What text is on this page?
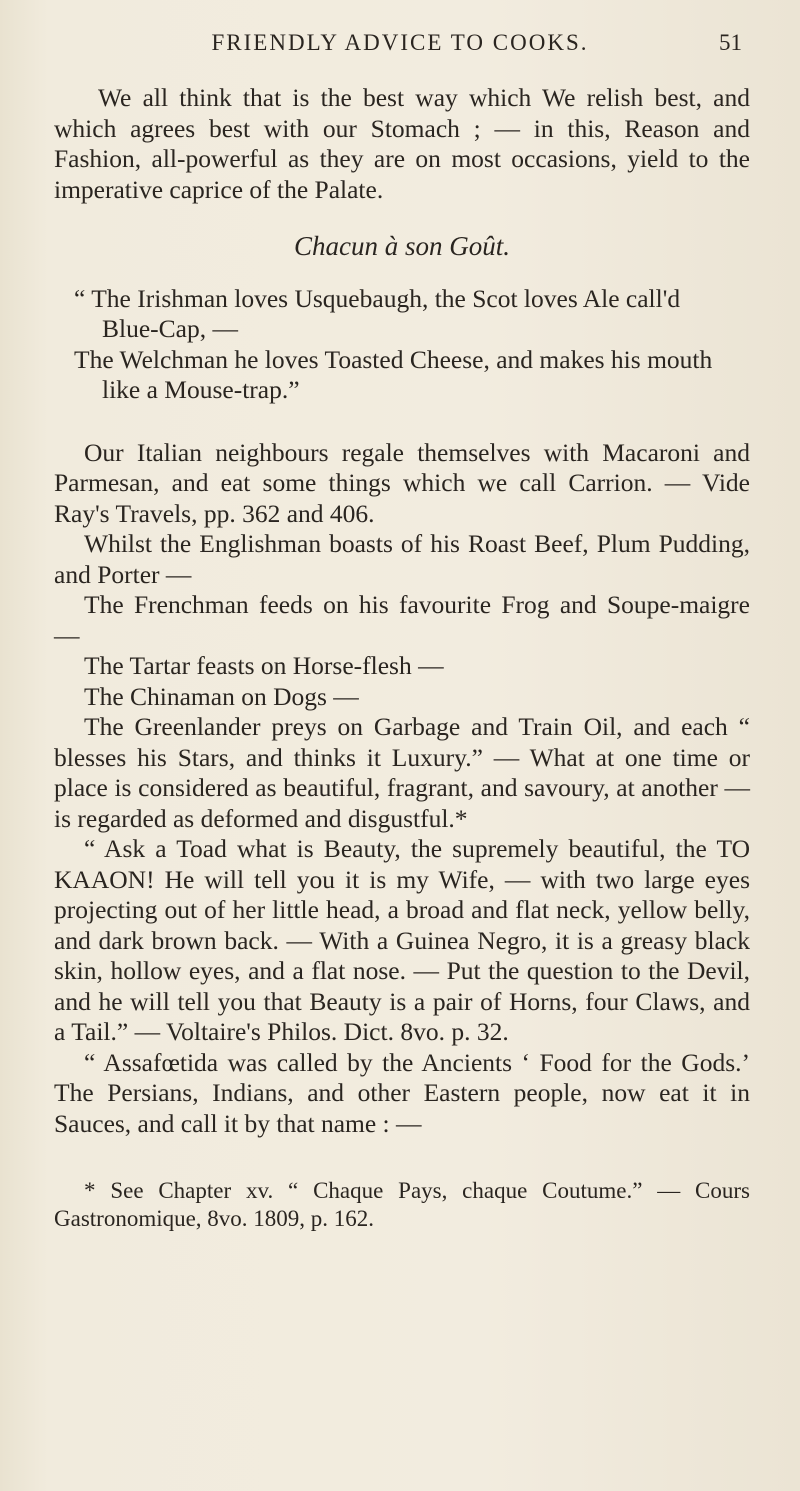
FRIENDLY ADVICE TO COOKS.	51

We all think that is the best way which We relish best, and which agrees best with our Stomach ; — in this, Reason and Fashion, all-powerful as they are on most occasions, yield to the imperative caprice of the Palate.

Chacun à son Goût.

“ The Irishman loves Usquebaugh, the Scot loves Ale call'd

Blue-Cap, —

The Welchman he loves Toasted Cheese, and makes his mouth

like a Mouse-trap.”

Our Italian neighbours regale themselves with Macaroni and Parmesan, and eat some things which we call Carrion. — Vide Ray's Travels, pp. 362 and 406.

Whilst the Englishman boasts of his Roast Beef, Plum Pudding, and Porter —

The Frenchman feeds on his favourite Frog and Soupe-maigre —

The Tartar feasts on Horse-flesh —

The Chinaman on Dogs —

The Greenlander preys on Garbage and Train Oil, and each “ blesses his Stars, and thinks it Luxury.” — What at one time or place is considered as beautiful, fragrant, and savoury, at another — is regarded as deformed and disgustful.*

“ Ask a Toad what is Beauty, the supremely beautiful, the TO KAAON! He will tell you it is my Wife, — with two large eyes projecting out of her little head, a broad and flat neck, yellow belly, and dark brown back. — With a Guinea Negro, it is a greasy black skin, hollow eyes, and a flat nose. — Put the question to the Devil, and he will tell you that Beauty is a pair of Horns, four Claws, and a Tail.” — Voltaire's Philos. Dict. 8vo. p. 32.

“ Assafœtida was called by the Ancients ‘ Food for the Gods.’ The Persians, Indians, and other Eastern people, now eat it in Sauces, and call it by that name : —

* See Chapter xv. “ Chaque Pays, chaque Coutume.” — Cours Gastronomique, 8vo. 1809, p. 162.
